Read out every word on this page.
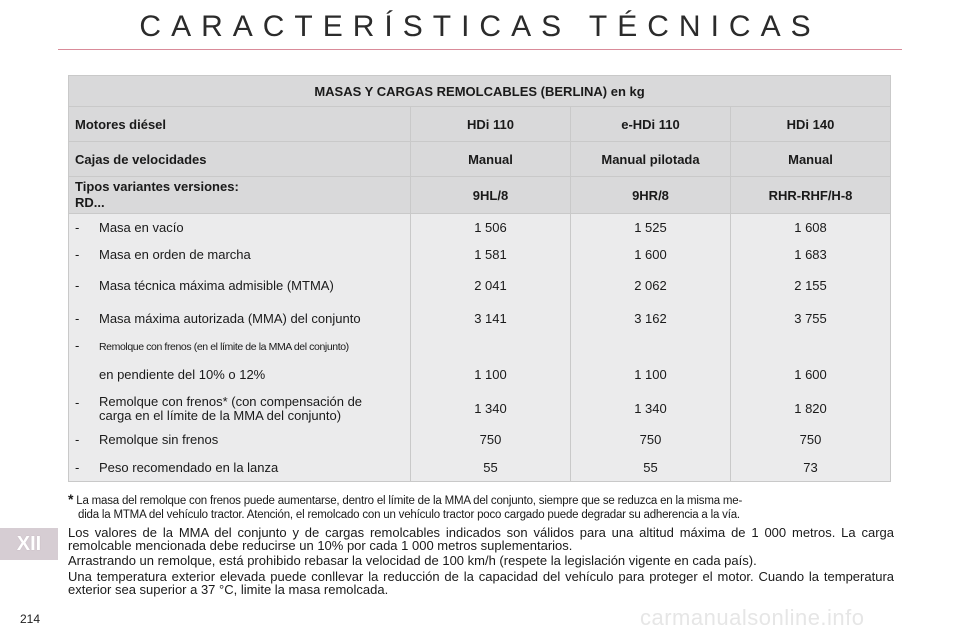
CARACTERÍSTICAS TÉCNICAS
MASAS Y CARGAS REMOLCABLES (BERLINA) en kg			
Motores diésel	HDi 110	e-HDi 110	HDi 140
Cajas de velocidades	Manual	Manual pilotada	Manual
Tipos variantes versiones:
RD...	9HL/8	9HR/8	RHR-RHF/H-8
- Masa en vacío	1 506	1 525	1 608
- Masa en orden de marcha	1 581	1 600	1 683
- Masa técnica máxima admisible (MTMA)	2 041	2 062	2 155
- Masa máxima autorizada (MMA) del conjunto	3 141	3 162	3 755
- Remolque con frenos (en el límite de la MMA del conjunto)			
en pendiente del 10% o 12%	1 100	1 100	1 600
- Remolque con frenos* (con compensación de
carga en el límite de la MMA del conjunto)	1 340	1 340	1 820
- Remolque sin frenos	750	750	750
- Peso recomendado en la lanza	55	55	73
* La masa del remolque con frenos puede aumentarse, dentro el límite de la MMA del conjunto, siempre que se reduzca en la misma me-
dida la MTMA del vehículo tractor. Atención, el remolcado con un vehículo tractor poco cargado puede degradar su adherencia a la vía.
Los valores de la MMA del conjunto y de cargas remolcables indicados son válidos para una altitud máxima de 1 000 metros. La carga remolcable mencionada debe reducirse un 10% por cada 1 000 metros suplementarios.
Arrastrando un remolque, está prohibido rebasar la velocidad de 100 km/h (respete la legislación vigente en cada país).
Una temperatura exterior elevada puede conllevar la reducción de la capacidad del vehículo para proteger el motor. Cuando la temperatura exterior sea superior a 37 °C, limite la masa remolcada.
XII
214	carmanualsonline.info
